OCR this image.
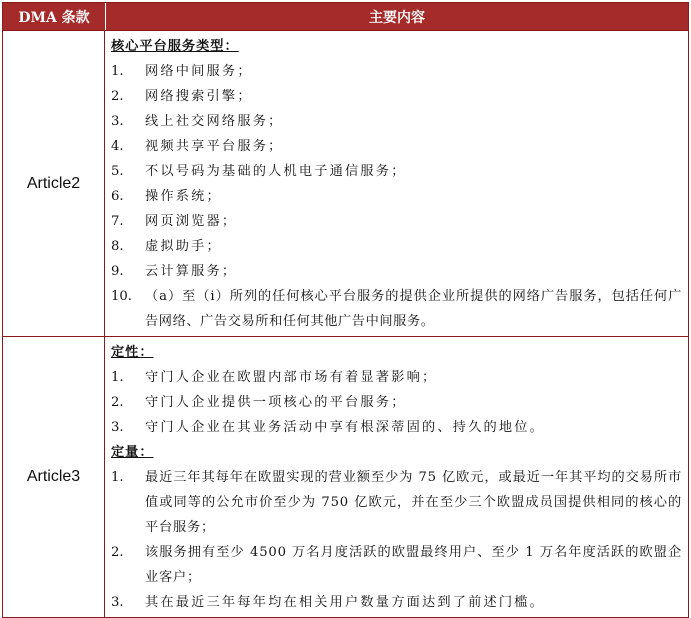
DMA 条款	主要内容
Article2
核心平台服务类型：
1.	网络中间服务；
2.	网络搜索引擎；
3.	线上社交网络服务；
4.	视频共享平台服务；
5.	不以号码为基础的人机电子通信服务；
6.	操作系统；
7.	网页浏览器；
8.	虚拟助手；
9.	云计算服务；
10. （a）至（i）所列的任何核心平台服务的提供企业所提供的网络广告服务，包括任何广告网络、广告交易所和任何其他广告中间服务。
Article3
定性：
1.	守门人企业在欧盟内部市场有着显著影响；
2.	守门人企业提供一项核心的平台服务；
3.	守门人企业在其业务活动中享有根深蒂固的、持久的地位。
定量：
1.	最近三年其每年在欧盟实现的营业额至少为 75 亿欧元，或最近一年其平均的交易所市值或同等的公允市价至少为 750 亿欧元，并在至少三个欧盟成员国提供相同的核心的平台服务；
2.	该服务拥有至少 4500 万名月度活跃的欧盟最终用户、至少 1 万名年度活跃的欧盟企业客户；
3.	其在最近三年每年均在相关用户数量方面达到了前述门槛。
